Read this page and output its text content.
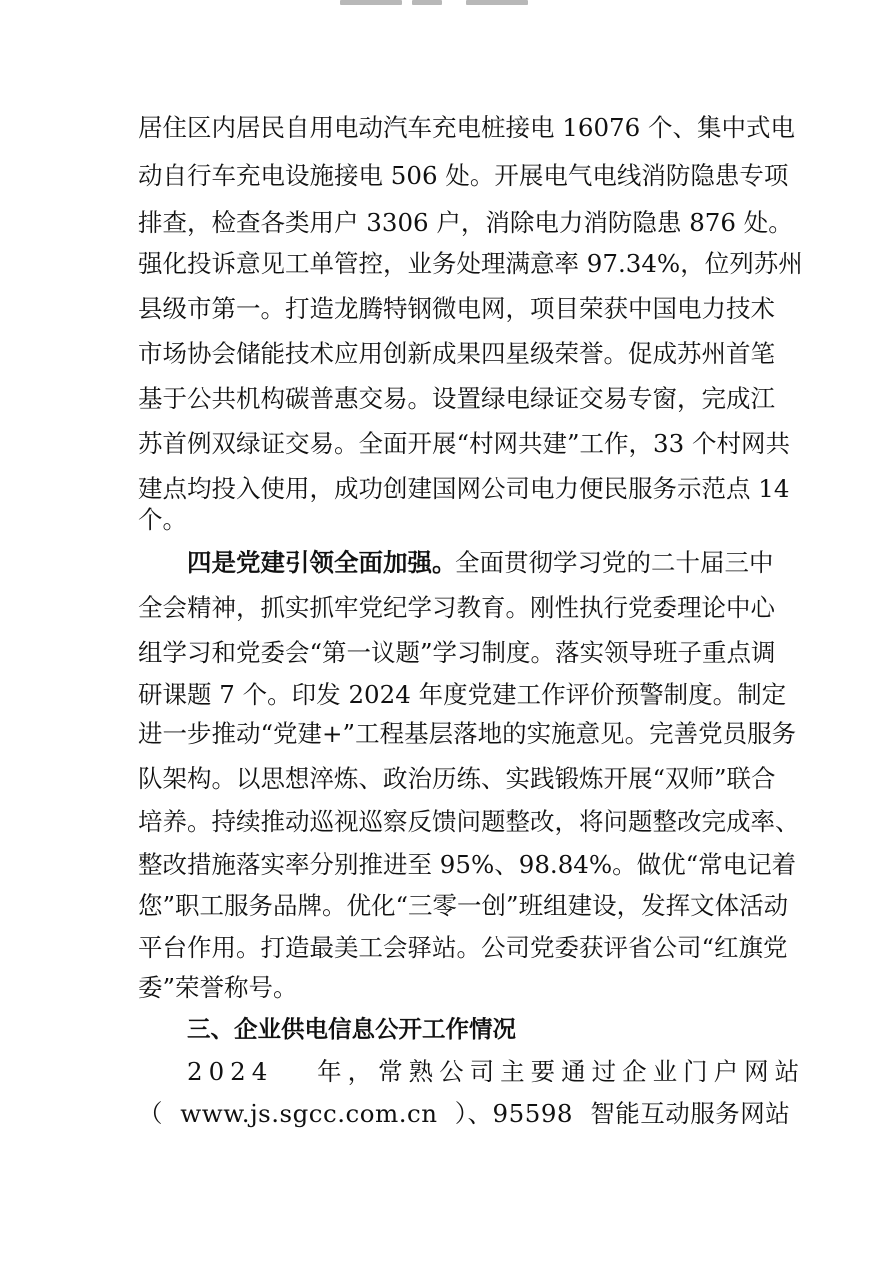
居住区内居民自用电动汽车充电桩接电 16076 个、集中式电
动自行车充电设施接电 506 处。开展电气电线消防隐患专项
排查，检查各类用户 3306 户，消除电力消防隐患 876 处。
强化投诉意见工单管控，业务处理满意率 97.34%，位列苏州
县级市第一。打造龙腾特钢微电网，项目荣获中国电力技术
市场协会储能技术应用创新成果四星级荣誉。促成苏州首笔
基于公共机构碳普惠交易。设置绿电绿证交易专窗，完成江
苏首例双绿证交易。全面开展“村网共建”工作，33 个村网共
建点均投入使用，成功创建国网公司电力便民服务示范点 14
个。
四是党建引领全面加强。
全面贯彻学习党的二十届三中
全会精神，抓实抓牢党纪学习教育。刚性执行党委理论中心
组学习和党委会“第一议题”学习制度。落实领导班子重点调
研课题 7 个。印发 2024 年度党建工作评价预警制度。制定
进一步推动“党建+”工程基层落地的实施意见。完善党员服务
队架构。以思想淬炼、政治历练、实践锻炼开展“双师”联合
培养。持续推动巡视巡察反馈问题整改，将问题整改完成率、
整改措施落实率分别推进至 95%、98.84%。做优“常电记着
您”职工服务品牌。优化“三零一创”班组建设，发挥文体活动
平台作用。打造最美工会驿站。公司党委获评省公司“红旗党
委”荣誉称号。
三、企业供电信息公开工作情况
2024 年，常熟公司主要通过企业门户网站
（ www.js.sgcc.com.cn ）、95598 智能互动服务网站
